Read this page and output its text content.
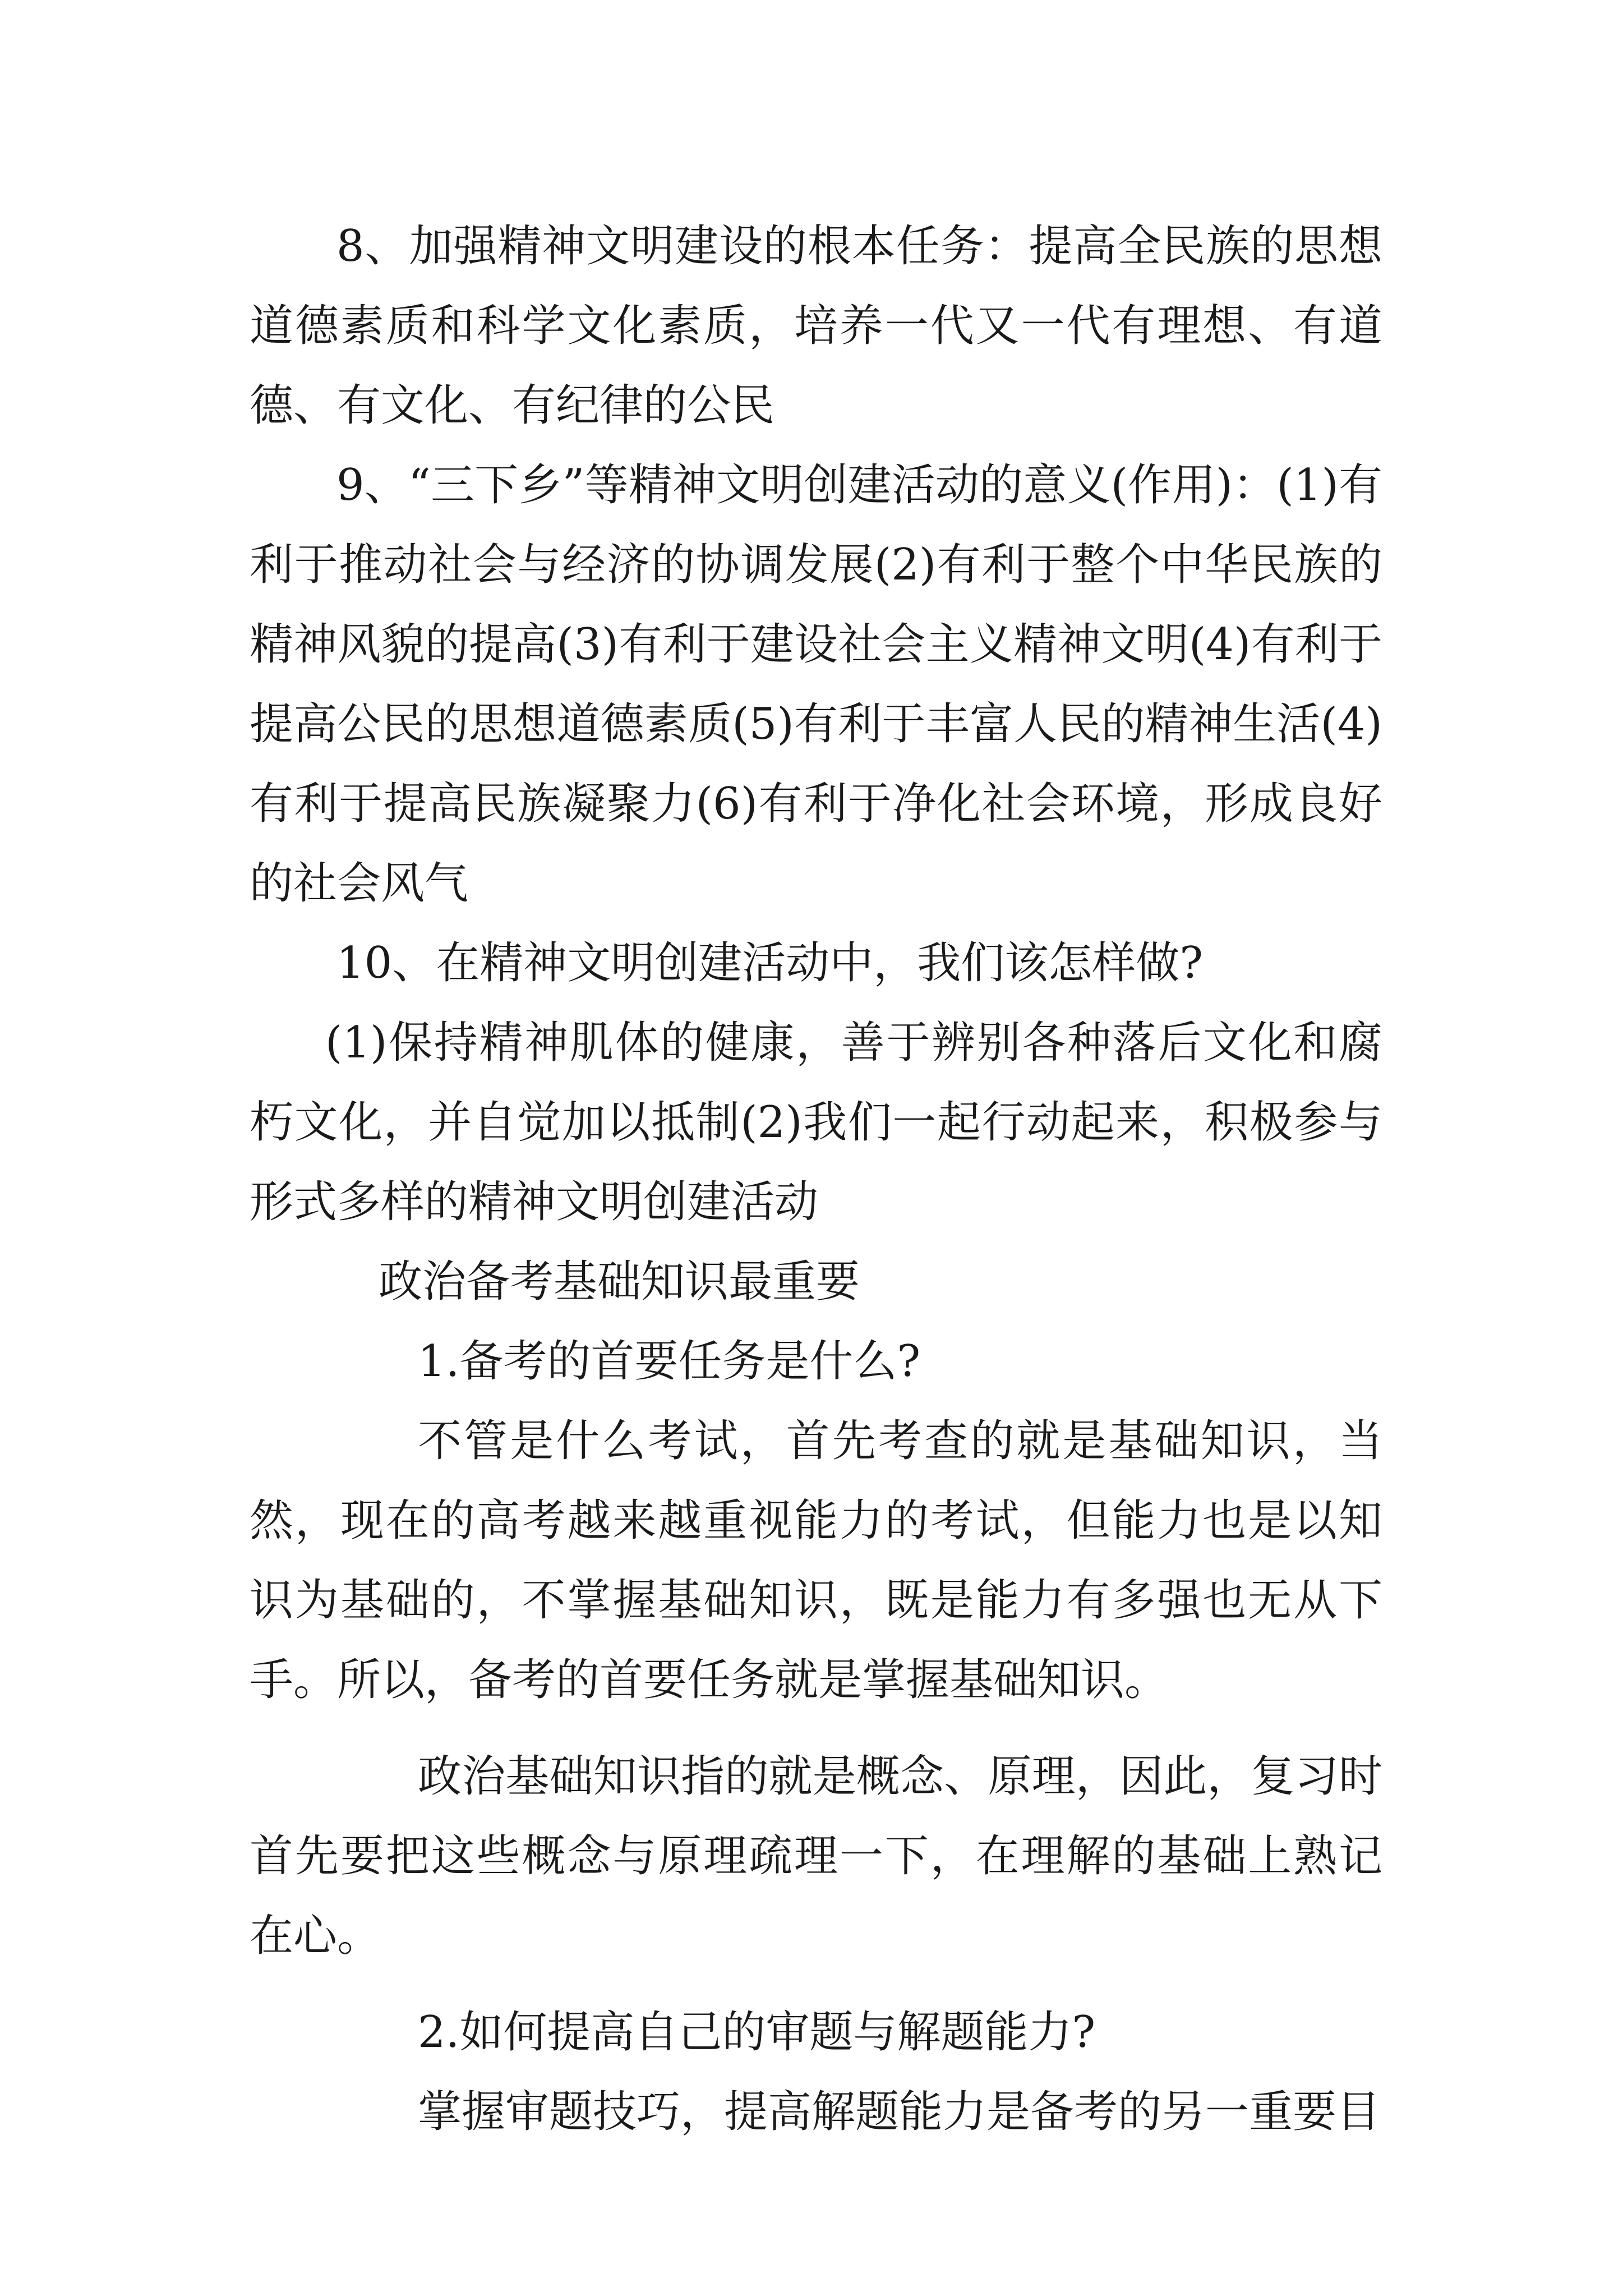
8、加强精神文明建设的根本任务：提高全民族的思想道德素质和科学文化素质，培养一代又一代有理想、有道德、有文化、有纪律的公民

9、“三下乡”等精神文明创建活动的意义(作用)：(1)有利于推动社会与经济的协调发展(2)有利于整个中华民族的精神风貌的提高(3)有利于建设社会主义精神文明(4)有利于提高公民的思想道德素质(5)有利于丰富人民的精神生活(4)有利于提高民族凝聚力(6)有利于净化社会环境，形成良好的社会风气

10、在精神文明创建活动中，我们该怎样做?

(1)保持精神肌体的健康，善于辨别各种落后文化和腐朽文化，并自觉加以抵制(2)我们一起行动起来，积极参与形式多样的精神文明创建活动

政治备考基础知识最重要

1.备考的首要任务是什么?

不管是什么考试，首先考查的就是基础知识，当然，现在的高考越来越重视能力的考试，但能力也是以知识为基础的，不掌握基础知识，既是能力有多强也无从下手。所以，备考的首要任务就是掌握基础知识。

政治基础知识指的就是概念、原理，因此，复习时首先要把这些概念与原理疏理一下，在理解的基础上熟记在心。

2.如何提高自己的审题与解题能力?

掌握审题技巧，提高解题能力是备考的另一重要目
